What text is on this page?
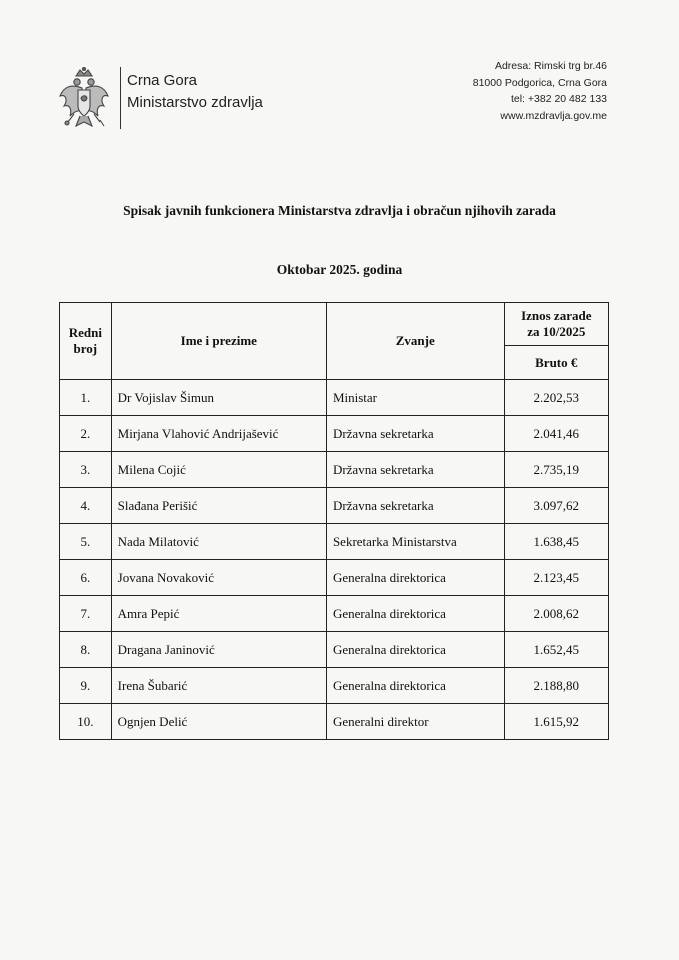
Crna Gora
Ministarstvo zdravlja
Adresa: Rimski trg br.46
81000 Podgorica, Crna Gora
tel: +382 20 482 133
www.mzdravlja.gov.me
Spisak javnih funkcionera Ministarstva zdravlja i obračun njihovih zarada
Oktobar 2025. godina
Redni
broj	Ime i prezime	Zvanje	Iznos zarade
za 10/2025

			Bruto €
1.	Dr Vojislav Šimun	Ministar	2.202,53
2.	Mirjana Vlahović Andrijašević	Državna sekretarka	2.041,46
3.	Milena Cojić	Državna sekretarka	2.735,19
4.	Slađana Perišić	Državna sekretarka	3.097,62
5.	Nada Milatović	Sekretarka Ministarstva	1.638,45
6.	Jovana Novaković	Generalna direktorica	2.123,45
7.	Amra Pepić	Generalna direktorica	2.008,62
8.	Dragana Janinović	Generalna direktorica	1.652,45
9.	Irena Šubarić	Generalna direktorica	2.188,80
10.	Ognjen Delić	Generalni direktor	1.615,92
